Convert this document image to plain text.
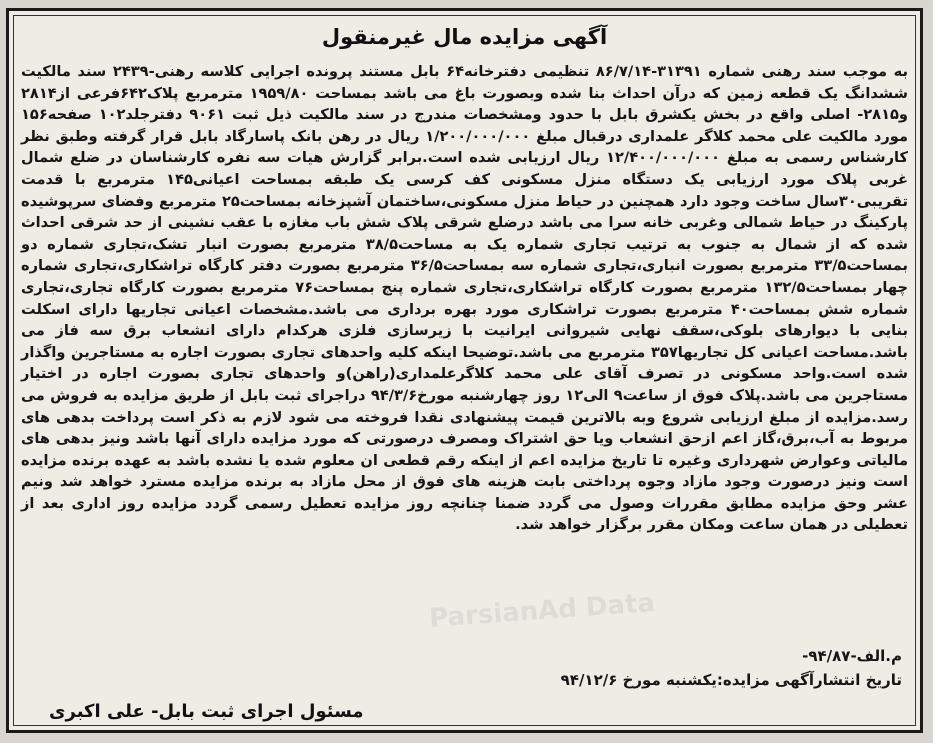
آگهی مزایده مال غیرمنقول
به موجب سند رهنی شماره ۳۱۳۹۱-۸۶/۷/۱۴ تنظیمی دفترخانه۶۴ بابل مستند پرونده اجرایی کلاسه رهنی-۲۴۳۹ سند مالکیت ششدانگ یک قطعه زمین که درآن احداث بنا شده وبصورت باغ می باشد بمساحت ۱۹۵۹/۸۰ مترمربع پلاک۶۴۲فرعی از۲۸۱۴ و۲۸۱۵- اصلی واقع در بخش یکشرق بابل با حدود ومشخصات مندرج در سند مالکیت ذیل ثبت ۹۰۶۱ دفترجلد۱۰۲ صفحه۱۵۶ مورد مالکیت علی محمد کلاگر علمداری درقبال مبلغ ۱/۲۰۰/۰۰۰/۰۰۰ ریال در رهن بانک پاسارگاد بابل قرار گرفته وطبق نظر کارشناس رسمی به مبلغ ۱۲/۴۰۰/۰۰۰/۰۰۰ ریال ارزیابی شده است.برابر گزارش هیات سه نفره کارشناسان در ضلع شمال غربی پلاک مورد ارزیابی یک دستگاه منزل مسکونی کف کرسی یک طبقه بمساحت اعیانی۱۴۵ مترمربع با قدمت تقریبی۳۰سال ساخت وجود دارد همچنین در حیاط منزل مسکونی،ساختمان آشپزخانه بمساحت۲۵ مترمربع وفضای سرپوشیده پارکینگ در حیاط شمالی وغربی خانه سرا می باشد درضلع شرقی پلاک شش باب مغازه با عقب نشینی از حد شرقی احداث شده که از شمال به جنوب به ترتیب تجاری شماره یک به مساحت۳۸/۵ مترمربع بصورت انبار تشک،تجاری شماره دو بمساحت۳۳/۵ مترمربع بصورت انباری،تجاری شماره سه بمساحت۳۶/۵ مترمربع بصورت دفتر کارگاه تراشکاری،تجاری شماره چهار بمساحت۱۳۲/۵ مترمربع بصورت کارگاه تراشکاری،تجاری شماره پنج بمساحت۷۶ مترمربع بصورت کارگاه تجاری،تجاری شماره شش بمساحت۴۰ مترمربع بصورت تراشکاری مورد بهره برداری می باشد.مشخصات اعیانی تجاریها دارای اسکلت بنایی با دیوارهای بلوکی،سقف نهایی شیروانی ایرانیت با زیرسازی فلزی هرکدام دارای انشعاب برق سه فاز می باشد.مساحت اعیانی کل تجاریها۳۵۷ مترمربع می باشد.توضیحا اینکه کلیه واحدهای تجاری بصورت اجاره به مستاجرین واگذار شده است.واحد مسکونی در تصرف آقای علی محمد کلاگرعلمداری(راهن)و واحدهای تجاری بصورت اجاره در اختیار مستاجرین می باشد.پلاک فوق از ساعت۹ الی۱۲ روز چهارشنبه مورخ۹۴/۳/۶ دراجرای ثبت بابل از طریق مزایده به فروش می رسد.مزایده از مبلغ ارزیابی شروع وبه بالاترین قیمت پیشنهادی نقدا فروخته می شود لازم به ذکر است پرداخت بدهی های مربوط به آب،برق،گاز اعم ازحق انشعاب ویا حق اشتراک ومصرف درصورتی که مورد مزایده دارای آنها باشد ونیز بدهی های مالیاتی وعوارض شهرداری وغیره تا تاریخ مزایده اعم از اینکه رقم قطعی ان معلوم شده یا نشده باشد به عهده برنده مزایده است ونیز درصورت وجود مازاد وجوه پرداختی بابت هزینه های فوق از محل مازاد به برنده مزایده مسترد خواهد شد ونیم عشر وحق مزایده مطابق مقررات وصول می گردد ضمنا چنانچه روز مزایده تعطیل رسمی گردد مزایده روز اداری بعد از تعطیلی در همان ساعت ومکان مقرر برگزار خواهد شد.
ParsianAd Data
م.الف-۹۴/۸۷-
تاریخ انتشارآگهی مزایده:یکشنبه مورخ ۹۴/۱۲/۶
مسئول اجرای ثبت بابل- علی اکبری
